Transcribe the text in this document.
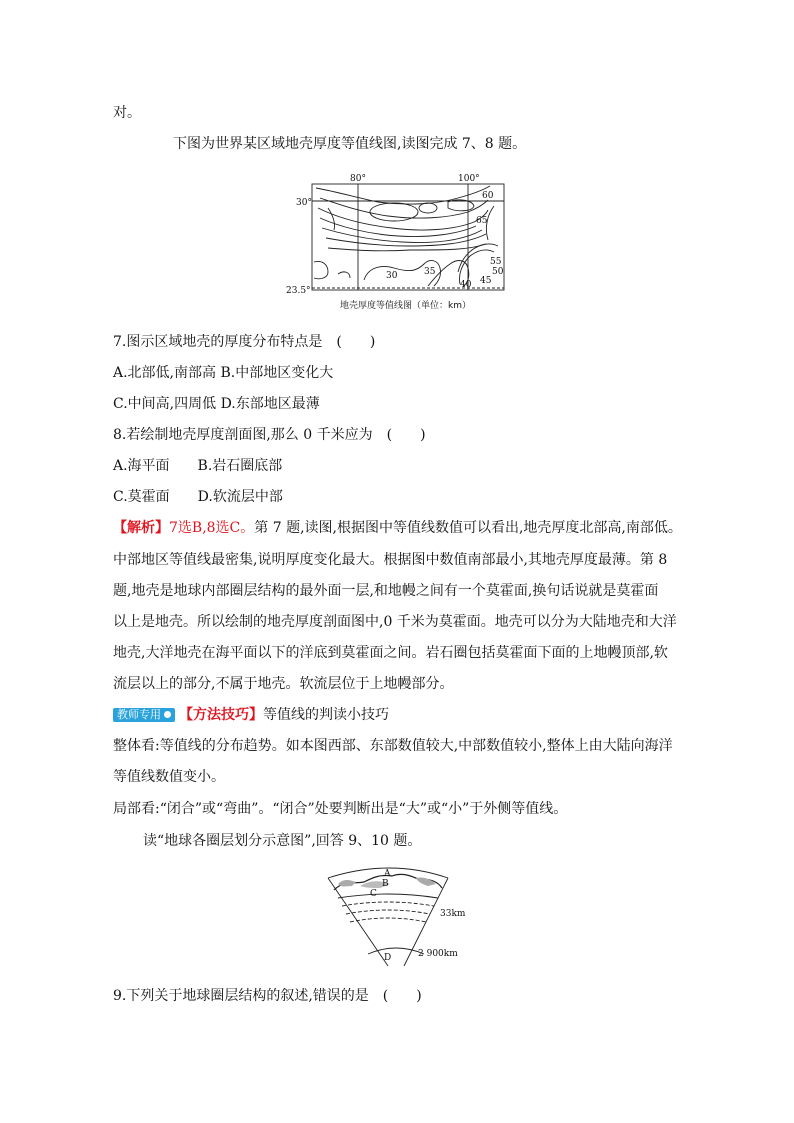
对。
下图为世界某区域地壳厚度等值线图,读图完成 7、8 题。
80°	100°
30°
23.5°
60
65
55
50
45
40
35
30
地壳厚度等值线图（单位：km）
7.图示区域地壳的厚度分布特点是　(　　)
A.北部低,南部高 B.中部地区变化大
C.中间高,四周低 D.东部地区最薄
8.若绘制地壳厚度剖面图,那么 0 千米应为　(　　)
A.海平面　　B.岩石圈底部
C.莫霍面　　D.软流层中部
【解析】7选B,8选C。第 7 题,读图,根据图中等值线数值可以看出,地壳厚度北部高,南部低。
中部地区等值线最密集,说明厚度变化最大。根据图中数值南部最小,其地壳厚度最薄。第 8
题,地壳是地球内部圈层结构的最外面一层,和地幔之间有一个莫霍面,换句话说就是莫霍面
以上是地壳。所以绘制的地壳厚度剖面图中,0 千米为莫霍面。地壳可以分为大陆地壳和大洋
地壳,大洋地壳在海平面以下的洋底到莫霍面之间。岩石圈包括莫霍面下面的上地幔顶部,软
流层以上的部分,不属于地壳。软流层位于上地幔部分。
教师专用 【方法技巧】等值线的判读小技巧
整体看:等值线的分布趋势。如本图西部、东部数值较大,中部数值较小,整体上由大陆向海洋
等值线数值变小。
局部看:“闭合”或“弯曲”。“闭合”处要判断出是“大”或“小”于外侧等值线。
读“地球各圈层划分示意图”,回答 9、10 题。
A
B
C
D
33km
2 900km
9.下列关于地球圈层结构的叙述,错误的是　(　　)
